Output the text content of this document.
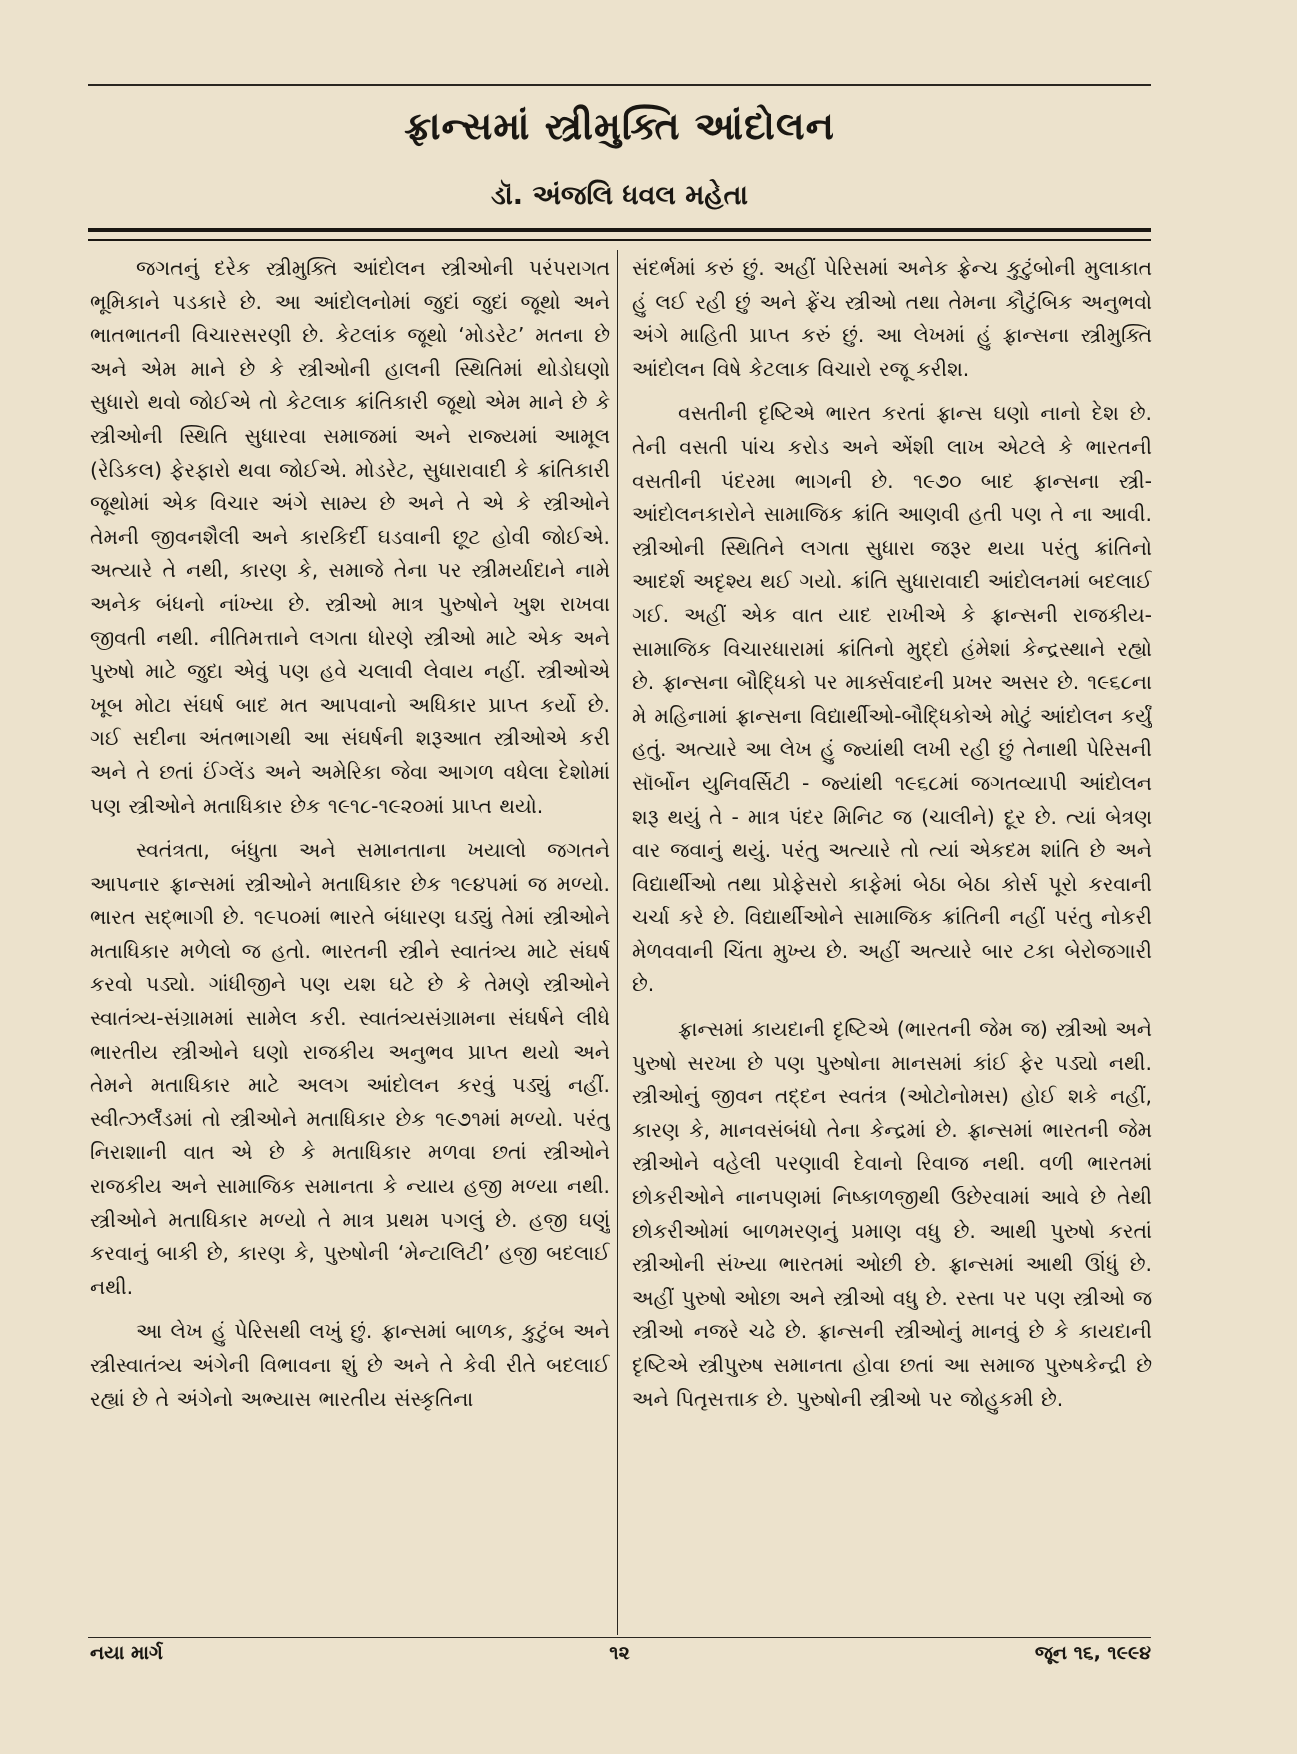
ફ્રાન્સમાં સ્ત્રીમુક્તિ આંદોલન
ડૉ. અંજલિ ધવલ મહેતા

જગતનું દરેક સ્ત્રીમુક્તિ આંદોલન સ્ત્રીઓની પરંપરાગત ભૂમિકાને પડકારે છે. આ આંદોલનોમાં જુદાં જુદાં જૂથો અને ભાતભાતની વિચારસરણી છે. કેટલાંક જૂથો ‘મોડરેટ’ મતના છે અને એમ માને છે કે સ્ત્રીઓની હાલની સ્થિતિમાં થોડોઘણો સુધારો થવો જોઈએ તો કેટલાક ક્રાંતિકારી જૂથો એમ માને છે કે સ્ત્રીઓની સ્થિતિ સુધારવા સમાજમાં અને રાજ્યમાં આમૂલ (રેડિકલ) ફેરફારો થવા જોઈએ. મોડરેટ, સુધારાવાદી કે ક્રાંતિકારી જૂથોમાં એક વિચાર અંગે સામ્ય છે અને તે એ કે સ્ત્રીઓને તેમની જીવનશૈલી અને કારકિર્દી ઘડવાની છૂટ હોવી જોઈએ. અત્યારે તે નથી, કારણ કે, સમાજે તેના પર સ્ત્રીમર્યાદાને નામે અનેક બંધનો નાંખ્યા છે. સ્ત્રીઓ માત્ર પુરુષોને ખુશ રાખવા જીવતી નથી. નીતિમત્તાને લગતા ધોરણે સ્ત્રીઓ માટે એક અને પુરુષો માટે જુદા એવું પણ હવે ચલાવી લેવાય નહીં. સ્ત્રીઓએ ખૂબ મોટા સંઘર્ષ બાદ મત આપવાનો અધિકાર પ્રાપ્ત કર્યો છે. ગઈ સદીના અંતભાગથી આ સંઘર્ષની શરૂઆત સ્ત્રીઓએ કરી અને તે છતાં ઈંગ્લેંડ અને અમેરિકા જેવા આગળ વધેલા દેશોમાં પણ સ્ત્રીઓને મતાધિકાર છેક ૧૯૧૮-૧૯૨૦માં પ્રાપ્ત થયો.

સ્વતંત્રતા, બંધુતા અને સમાનતાના ખયાલો જગતને આપનાર ફ્રાન્સમાં સ્ત્રીઓને મતાધિકાર છેક ૧૯૪૫માં જ મળ્યો. ભારત સદ્ભાગી છે. ૧૯૫૦માં ભારતે બંધારણ ઘડ્યું તેમાં સ્ત્રીઓને મતાધિકાર મળેલો જ હતો. ભારતની સ્ત્રીને સ્વાતંત્ર્ય માટે સંઘર્ષ કરવો પડ્યો. ગાંધીજીને પણ યશ ઘટે છે કે તેમણે સ્ત્રીઓને સ્વાતંત્ર્ય-સંગ્રામમાં સામેલ કરી. સ્વાતંત્ર્યસંગ્રામના સંઘર્ષને લીધે ભારતીય સ્ત્રીઓને ઘણો રાજકીય અનુભવ પ્રાપ્ત થયો અને તેમને મતાધિકાર માટે અલગ આંદોલન કરવું પડ્યું નહીં. સ્વીત્ઝર્લૅંડમાં તો સ્ત્રીઓને મતાધિકાર છેક ૧૯૭૧માં મળ્યો. પરંતુ નિરાશાની વાત એ છે કે મતાધિકાર મળવા છતાં સ્ત્રીઓને રાજકીય અને સામાજિક સમાનતા કે ન્યાય હજી મળ્યા નથી. સ્ત્રીઓને મતાધિકાર મળ્યો તે માત્ર પ્રથમ પગલું છે. હજી ઘણું કરવાનું બાકી છે, કારણ કે, પુરુષોની ‘મેન્ટાલિટી’ હજી બદલાઈ નથી.

આ લેખ હું પેરિસથી લખું છું. ફ્રાન્સમાં બાળક, કુટુંબ અને સ્ત્રીસ્વાતંત્ર્ય અંગેની વિભાવના શું છે અને તે કેવી રીતે બદલાઈ રહ્યાં છે તે અંગેનો અભ્યાસ ભારતીય સંસ્કૃતિના

સંદર્ભમાં કરું છું. અહીં પેરિસમાં અનેક ફ્રેન્ચ કુટુંબોની મુલાકાત હું લઈ રહી છું અને ફ્રેંચ સ્ત્રીઓ તથા તેમના કૌટુંબિક અનુભવો અંગે માહિતી પ્રાપ્ત કરું છું. આ લેખમાં હું ફ્રાન્સના સ્ત્રીમુક્તિ આંદોલન વિષે કેટલાક વિચારો રજૂ કરીશ.

વસતીની દૃષ્ટિએ ભારત કરતાં ફ્રાન્સ ઘણો નાનો દેશ છે. તેની વસતી પાંચ કરોડ અને એંશી લાખ એટલે કે ભારતની વસતીની પંદરમા ભાગની છે. ૧૯૭૦ બાદ ફ્રાન્સના સ્ત્રી-આંદોલનકારોને સામાજિક ક્રાંતિ આણવી હતી પણ તે ના આવી. સ્ત્રીઓની સ્થિતિને લગતા સુધારા જરૂર થયા પરંતુ ક્રાંતિનો આદર્શ અદૃશ્ય થઈ ગયો. ક્રાંતિ સુધારાવાદી આંદોલનમાં બદલાઈ ગઈ. અહીં એક વાત યાદ રાખીએ કે ફ્રાન્સની રાજકીય-સામાજિક વિચારધારામાં ક્રાંતિનો મુદ્દો હંમેશાં કેન્દ્રસ્થાને રહ્યો છે. ફ્રાન્સના બૌદ્ધિકો પર માર્ક્સવાદની પ્રખર અસર છે. ૧૯૬૮ના મે મહિનામાં ફ્રાન્સના વિદ્યાર્થીઓ-બૌદ્ધિકોએ મોટું આંદોલન કર્યું હતું. અત્યારે આ લેખ હું જ્યાંથી લખી રહી છું તેનાથી પેરિસની સૉર્બોન યુનિવર્સિટી - જ્યાંથી ૧૯૬૮માં જગતવ્યાપી આંદોલન શરૂ થયું તે - માત્ર પંદર મિનિટ જ (ચાલીને) દૂર છે. ત્યાં બેત્રણ વાર જવાનું થયું. પરંતુ અત્યારે તો ત્યાં એકદમ શાંતિ છે અને વિદ્યાર્થીઓ તથા પ્રોફેસરો કાફેમાં બેઠા બેઠા કોર્સ પૂરો કરવાની ચર્ચા કરે છે. વિદ્યાર્થીઓને સામાજિક ક્રાંતિની નહીં પરંતુ નોકરી મેળવવાની ચિંતા મુખ્ય છે. અહીં અત્યારે બાર ટકા બેરોજગારી છે.

ફ્રાન્સમાં કાયદાની દૃષ્ટિએ (ભારતની જેમ જ) સ્ત્રીઓ અને પુરુષો સરખા છે પણ પુરુષોના માનસમાં કાંઈ ફેર પડ્યો નથી. સ્ત્રીઓનું જીવન તદ્દન સ્વતંત્ર (ઓટોનોમસ) હોઈ શકે નહીં, કારણ કે, માનવસંબંધો તેના કેન્દ્રમાં છે. ફ્રાન્સમાં ભારતની જેમ સ્ત્રીઓને વહેલી પરણાવી દેવાનો રિવાજ નથી. વળી ભારતમાં છોકરીઓને નાનપણમાં નિષ્કાળજીથી ઉછેરવામાં આવે છે તેથી છોકરીઓમાં બાળમરણનું પ્રમાણ વધુ છે. આથી પુરુષો કરતાં સ્ત્રીઓની સંખ્યા ભારતમાં ઓછી છે. ફ્રાન્સમાં આથી ઊંધું છે. અહીં પુરુષો ઓછા અને સ્ત્રીઓ વધુ છે. રસ્તા પર પણ સ્ત્રીઓ જ સ્ત્રીઓ નજરે ચઢે છે. ફ્રાન્સની સ્ત્રીઓનું માનવું છે કે કાયદાની દૃષ્ટિએ સ્ત્રીપુરુષ સમાનતા હોવા છતાં આ સમાજ પુરુષકેન્દ્રી છે અને પિતૃસત્તાક છે. પુરુષોની સ્ત્રીઓ પર જોહુકમી છે.

નયા માર્ગ	૧૨	જૂન ૧૬, ૧૯૯૪
